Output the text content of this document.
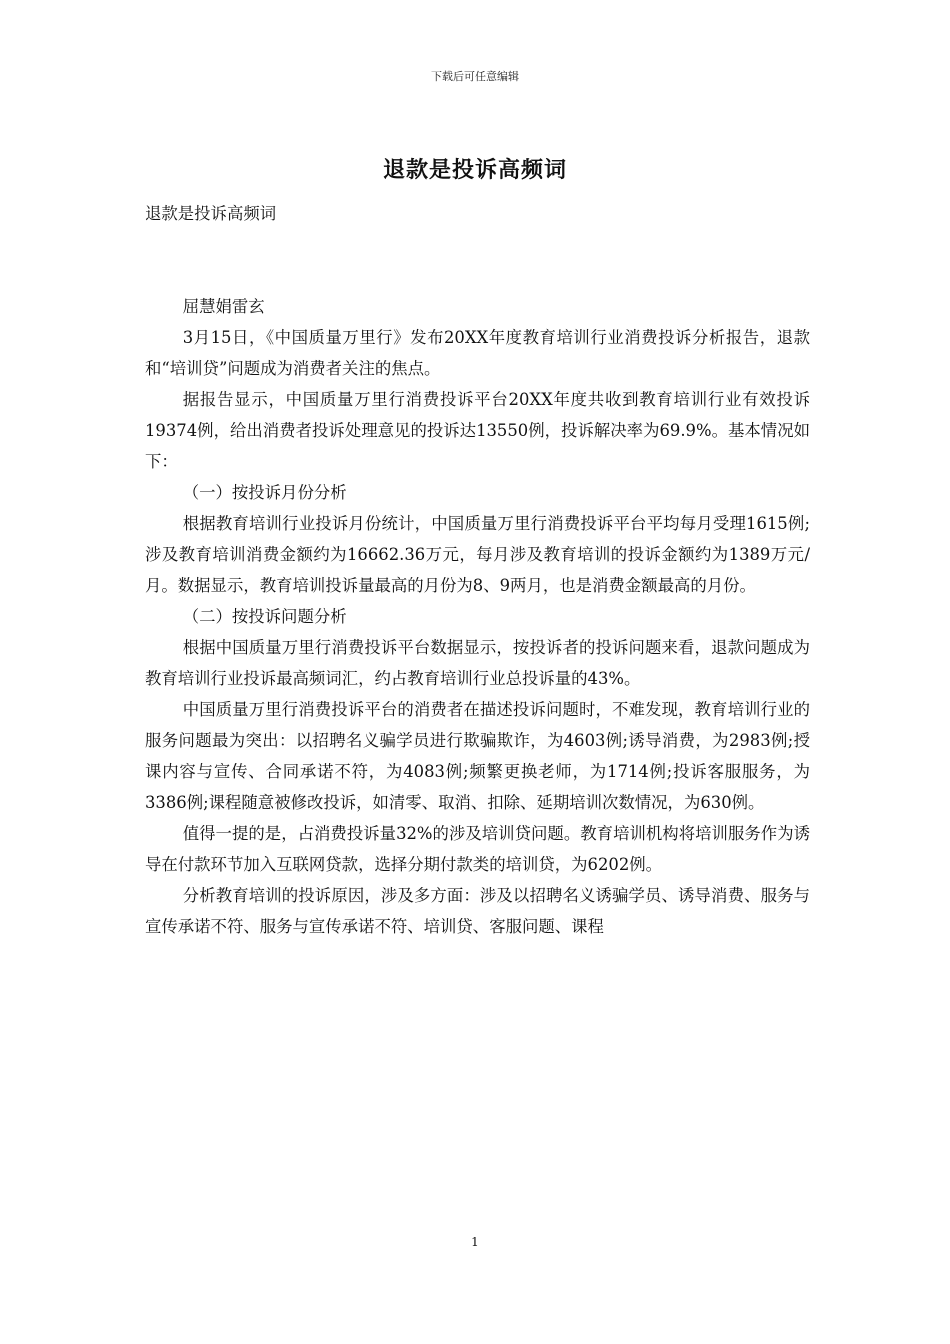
下载后可任意编辑
退款是投诉高频词

退款是投诉高频词

屈慧娟雷玄

3月15日，《中国质量万里行》发布20XX年度教育培训行业消费投诉分析报告，退款和“培训贷”问题成为消费者关注的焦点。

据报告显示，中国质量万里行消费投诉平台20XX年度共收到教育培训行业有效投诉19374例，给出消费者投诉处理意见的投诉达13550例，投诉解决率为69.9%。基本情况如下：

（一）按投诉月份分析

根据教育培训行业投诉月份统计，中国质量万里行消费投诉平台平均每月受理1615例;涉及教育培训消费金额约为16662.36万元，每月涉及教育培训的投诉金额约为1389万元/月。数据显示，教育培训投诉量最高的月份为8、9两月，也是消费金额最高的月份。

（二）按投诉问题分析

根据中国质量万里行消费投诉平台数据显示，按投诉者的投诉问题来看，退款问题成为教育培训行业投诉最高频词汇，约占教育培训行业总投诉量的43%。

中国质量万里行消费投诉平台的消费者在描述投诉问题时，不难发现，教育培训行业的服务问题最为突出：以招聘名义骗学员进行欺骗欺诈，为4603例;诱导消费，为2983例;授课内容与宣传、合同承诺不符，为4083例;频繁更换老师，为1714例;投诉客服服务，为3386例;课程随意被修改投诉，如清零、取消、扣除、延期培训次数情况，为630例。

值得一提的是，占消费投诉量32%的涉及培训贷问题。教育培训机构将培训服务作为诱导在付款环节加入互联网贷款，选择分期付款类的培训贷，为6202例。

分析教育培训的投诉原因，涉及多方面：涉及以招聘名义诱骗学员、诱导消费、服务与宣传承诺不符、服务与宣传承诺不符、培训贷、客服问题、课程

1
